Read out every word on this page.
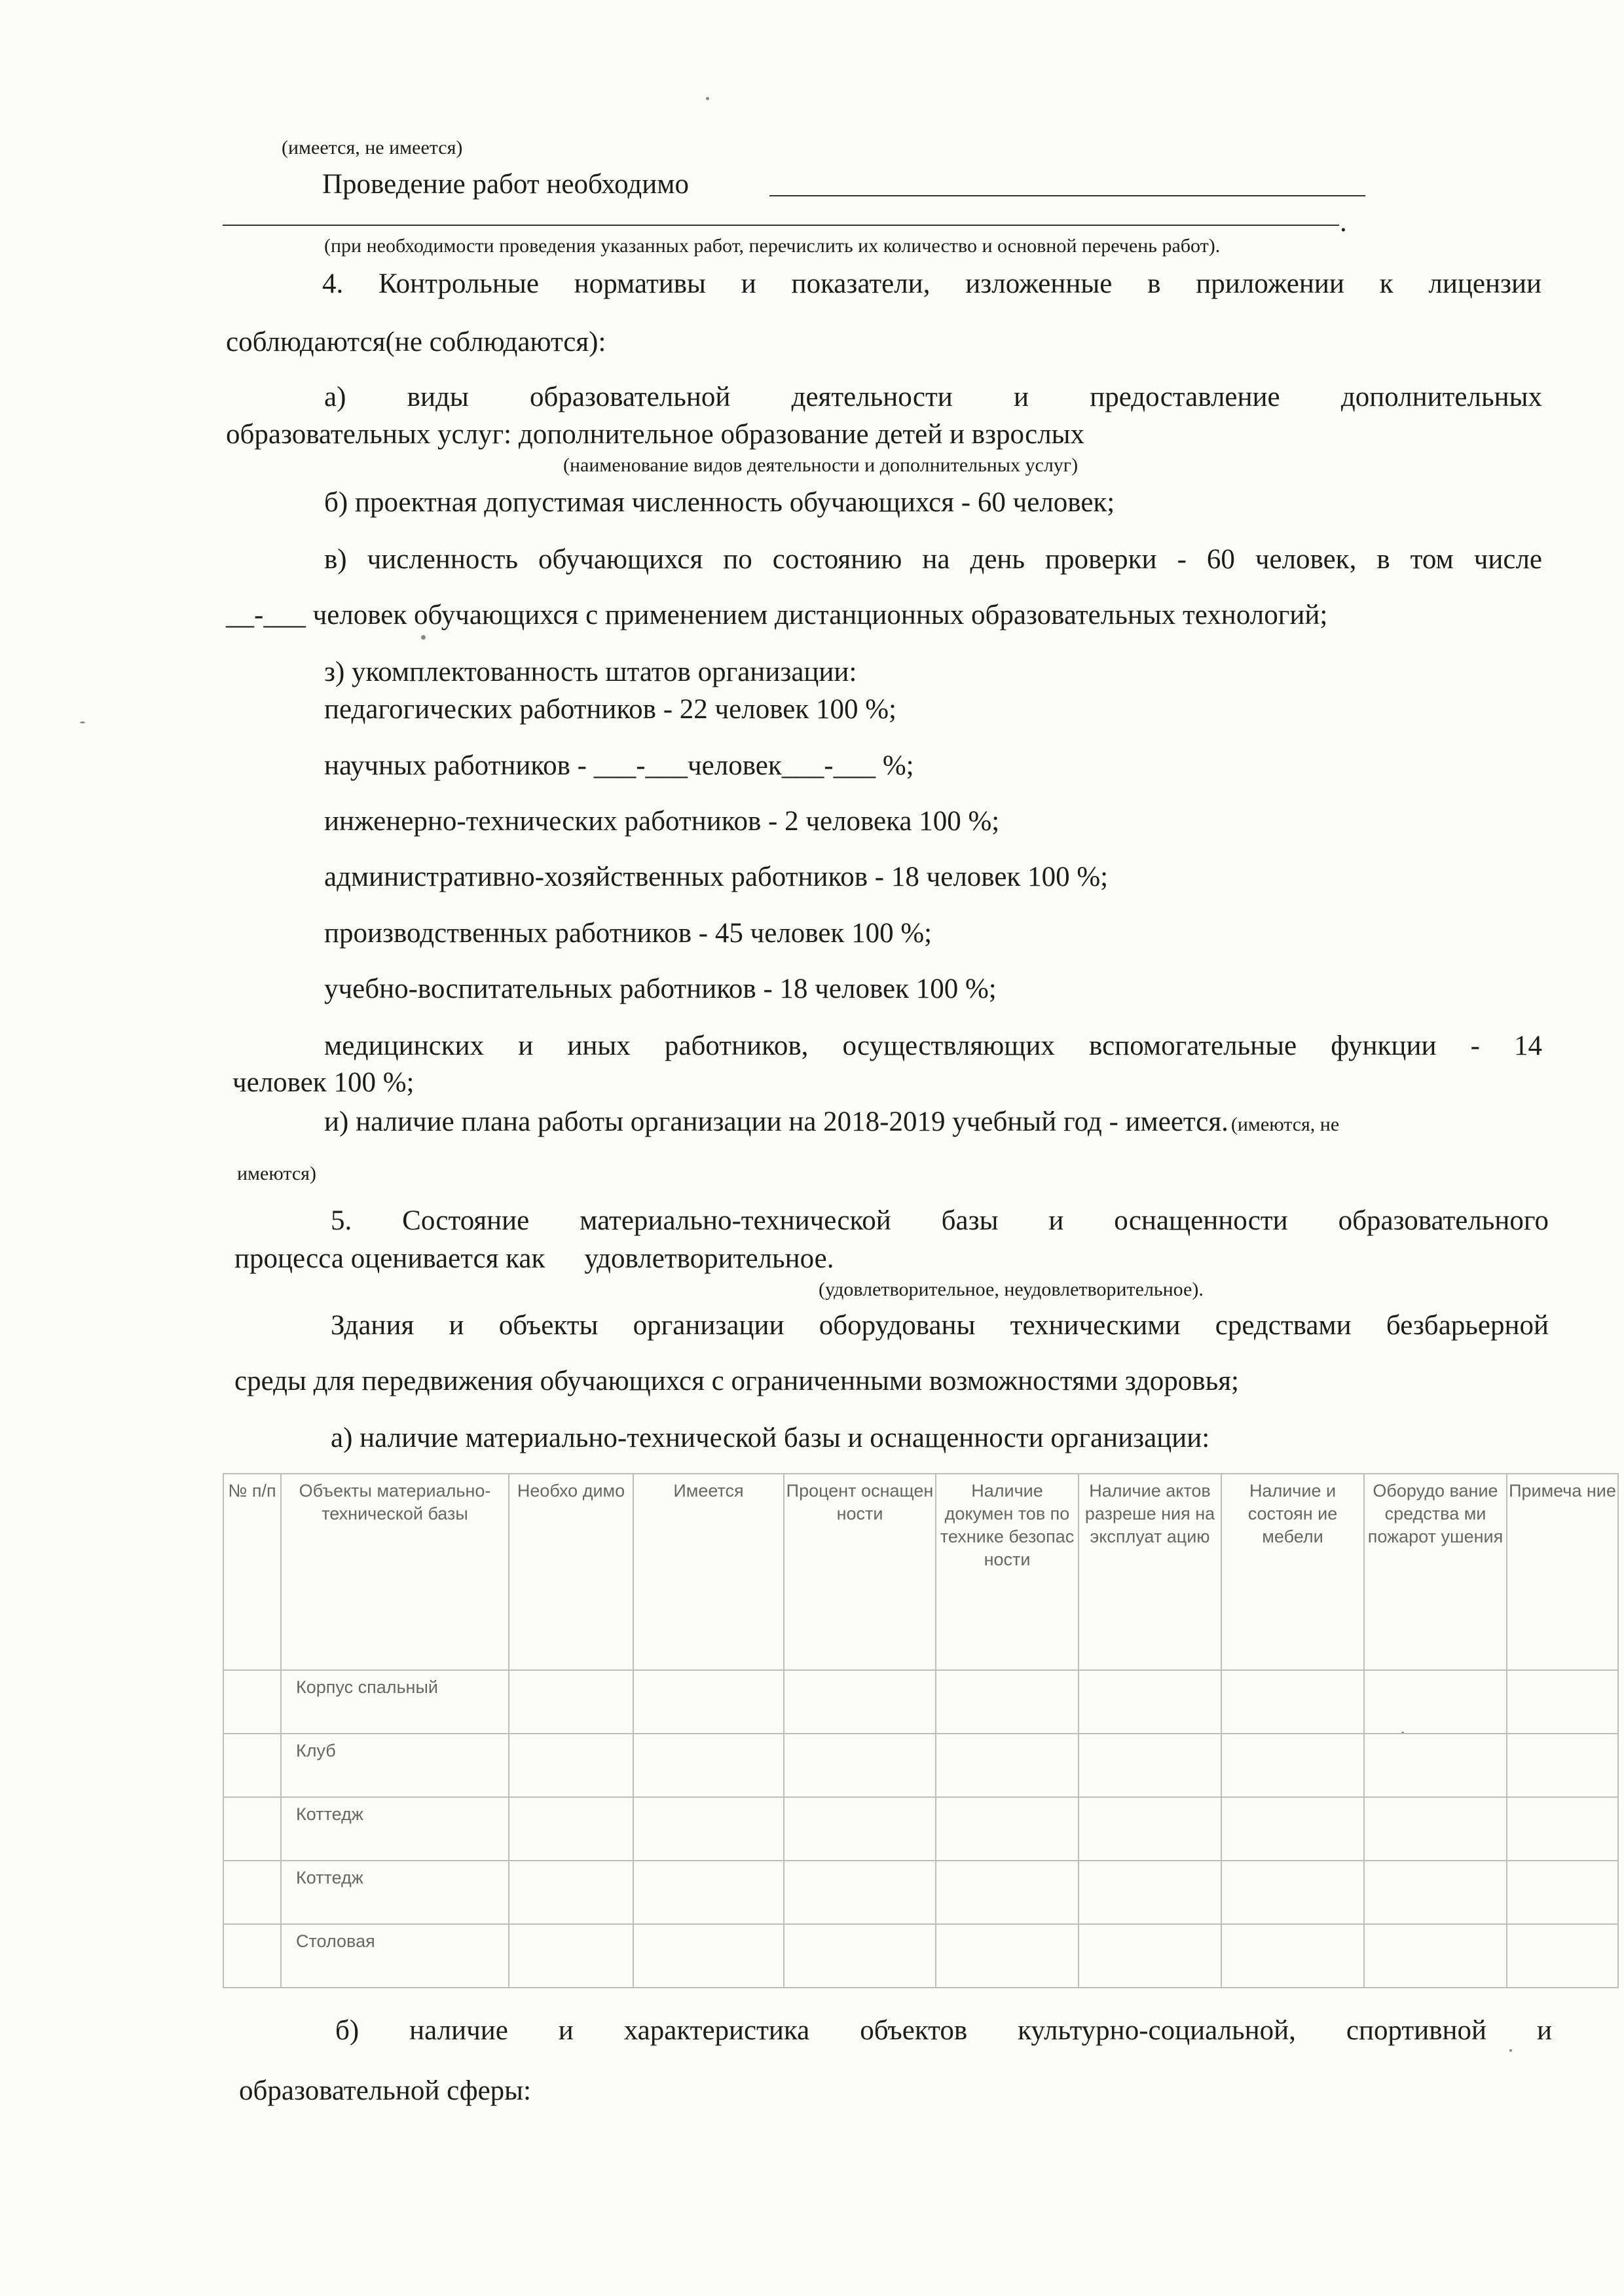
(имеется, не имеется)
Проведение работ необходимо
.
(при необходимости проведения указанных работ, перечислить их количество и основной перечень работ).
4. Контрольные нормативы и показатели, изложенные в приложении к лицензии
соблюдаются(не соблюдаются):
а) виды образовательной деятельности и предоставление дополнительных
образовательных услуг: дополнительное образование детей и взрослых
(наименование видов деятельности и дополнительных услуг)
б) проектная допустимая численность обучающихся - 60 человек;
в) численность обучающихся по состоянию на день проверки - 60 человек, в том числе
__-___ человек обучающихся с применением дистанционных образовательных технологий;
з) укомплектованность штатов организации:
педагогических работников - 22 человек 100 %;
научных работников - ___-___человек___-___ %;
инженерно-технических работников - 2 человека 100 %;
административно-хозяйственных работников - 18 человек 100 %;
производственных работников - 45 человек 100 %;
учебно-воспитательных работников - 18 человек 100 %;
медицинских и иных работников, осуществляющих вспомогательные функции - 14
человек 100 %;
и) наличие плана работы организации на 2018-2019 учебный год - имеется. (имеются, не
имеются)
5. Состояние материально-технической базы и оснащенности образовательного
процесса оценивается как удовлетворительное.
(удовлетворительное, неудовлетворительное).
Здания и объекты организации оборудованы техническими средствами безбарьерной
среды для передвижения обучающихся с ограниченными возможностями здоровья;
а) наличие материально-технической базы и оснащенности организации:
№ п/п	Объекты материально-технической базы	Необхо димо	Имеется	Процент оснащен ности	Наличие докумен тов по технике безопас ности	Наличие актов разреше ния на эксплуат ацию	Наличие и состоян ие мебели	Оборудо вание средства ми пожарот ушения	Примеча ние
	Корпус спальный								
	Клуб								
	Коттедж								
	Коттедж								
	Столовая								
б) наличие и характеристика объектов культурно-социальной, спортивной и
образовательной сферы:
